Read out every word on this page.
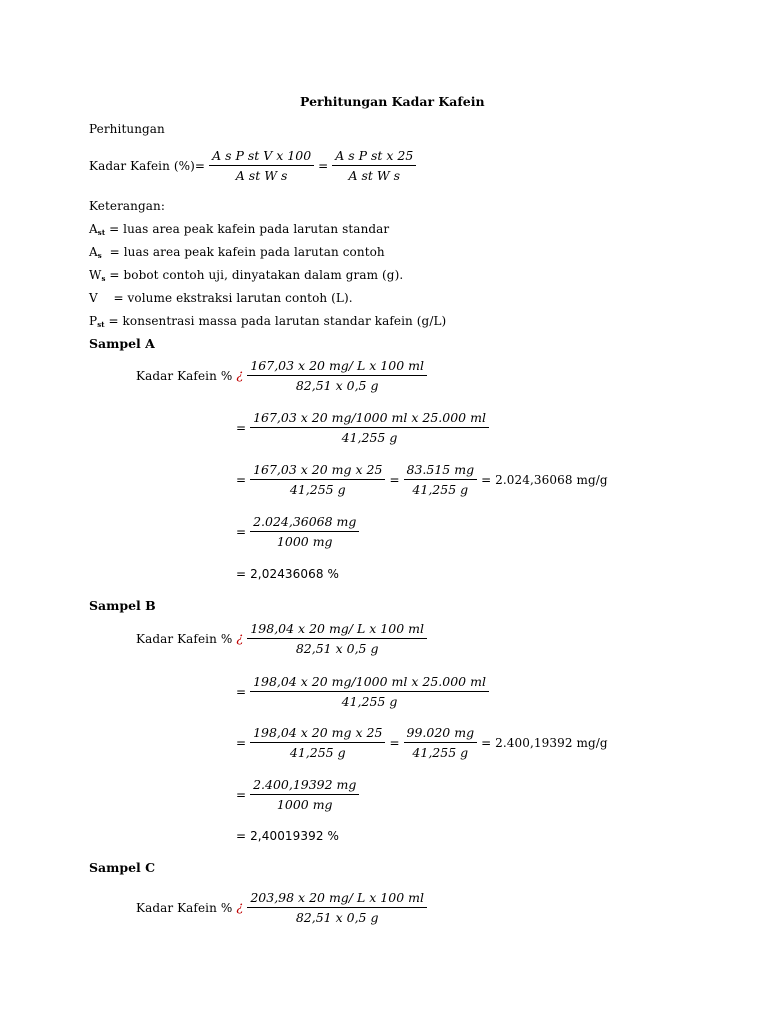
Perhitungan Kadar Kafein
Perhitungan
Kadar Kafein (%)= $\frac{\text{A s P st V x 100}}{\text{A st W s}} = \frac{\text{A s P st x 25}}{\text{A st W s}}$
Keterangan:
$A_{st}$ = luas area peak kafein pada larutan standar
$A_s$  = luas area peak kafein pada larutan contoh
$W_s$ = bobot contoh uji, dinyatakan dalam gram (g).
V    = volume ekstraksi larutan contoh (L).
$P_{st}$ = konsentrasi massa pada larutan standar kafein (g/L)
Sampel A
Kadar Kafein % ¿ $\frac{\text{167,03 x 20 mg/ L x 100 ml}}{82,51 x 0,5 g}$
= $\frac{\text{167,03 x 20 mg/1000 ml x 25.000 ml}}{41,255 g}$
= $\frac{\text{167,03 x 20 mg x 25}}{41,255 g} = \frac{83.515 mg}{41,255 g} = 2.024,36068$ mg/g
= $\frac{2.024,36068 mg}{1000 mg}$
= 2,02436068 %
Sampel B
Kadar Kafein % ¿ $\frac{\text{198,04 x 20 mg/ L x 100 ml}}{82,51 x 0,5 g}$
= $\frac{\text{198,04 x 20 mg/1000 ml x 25.000 ml}}{41,255 g}$
= $\frac{\text{198,04 x 20 mg x 25}}{41,255 g} = \frac{99.020 mg}{41,255 g} = 2.400,19392$ mg/g
= $\frac{2.400,19392 mg}{1000 mg}$
= 2,40019392 %
Sampel C
Kadar Kafein % ¿ $\frac{\text{203,98 x 20 mg/ L x 100 ml}}{82,51 x 0,5 g}$
